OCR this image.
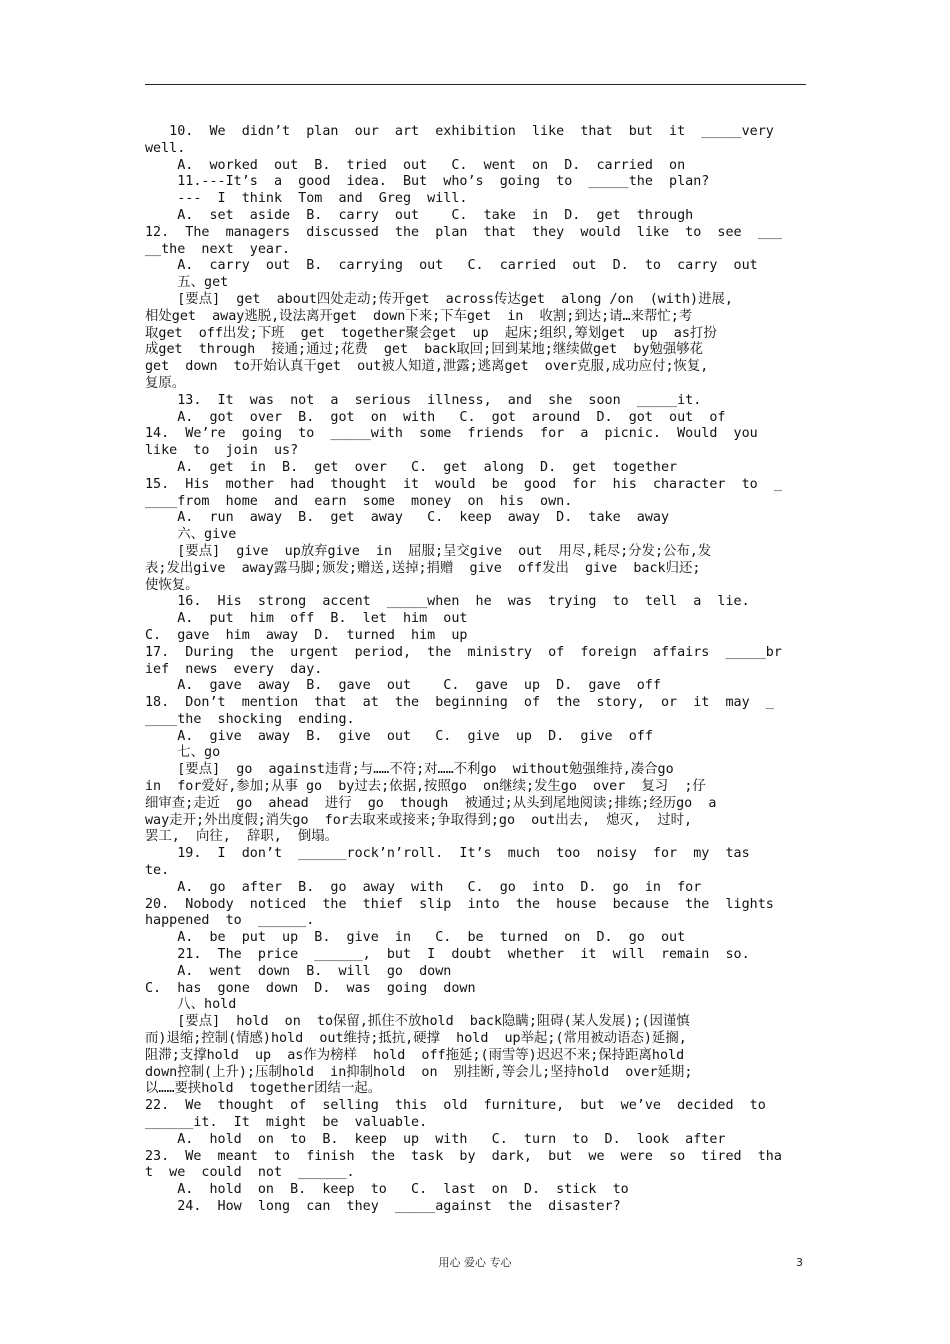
10.  We  didn’t  plan  our  art  exhibition  like  that  but  it  _____very
well.
A.  worked  out  B.  tried  out   C.  went  on  D.  carried  on
11.---It’s  a  good  idea.  But  who’s  going  to  _____the  plan?
---  I  think  Tom  and  Greg  will.
A.  set  aside  B.  carry  out    C.  take  in  D.  get  through
12.  The  managers  discussed  the  plan  that  they  would  like  to  see  ___
__the  next  year.
A.  carry  out  B.  carrying  out   C.  carried  out  D.  to  carry  out
五、get
[要点]  get  about四处走动;传开get  across传达get  along /on  (with)进展,
相处get  away逃脱,设法离开get  down下来;下车get  in  收割;到达;请…来帮忙;考
取get  off出发;下班  get  together聚会get  up  起床;组织,筹划get  up  as打扮
成get  through  接通;通过;花费  get  back取回;回到某地;继续做get  by勉强够花
get  down  to开始认真干get  out被人知道,泄露;逃离get  over克服,成功应付;恢复,
复原。
13.  It  was  not  a  serious  illness,  and  she  soon  _____it.
A.  got  over  B.  got  on  with   C.  got  around  D.  got  out  of
14.  We’re  going  to  _____with  some  friends  for  a  picnic.  Would  you
like  to  join  us?
A.  get  in  B.  get  over   C.  get  along  D.  get  together
15.  His  mother  had  thought  it  would  be  good  for  his  character  to  _
____from  home  and  earn  some  money  on  his  own.
A.  run  away  B.  get  away   C.  keep  away  D.  take  away
六、give
[要点]  give  up放弃give  in  屈服;呈交give  out  用尽,耗尽;分发;公布,发
表;发出give  away露马脚;颁发;赠送,送掉;捐赠  give  off发出  give  back归还;
使恢复。
16.  His  strong  accent  _____when  he  was  trying  to  tell  a  lie.
A.  put  him  off  B.  let  him  out
C.  gave  him  away  D.  turned  him  up
17.  During  the  urgent  period,  the  ministry  of  foreign  affairs  _____br
ief  news  every  day.
A.  gave  away  B.  gave  out    C.  gave  up  D.  gave  off
18.  Don’t  mention  that  at  the  beginning  of  the  story,  or  it  may  _
____the  shocking  ending.
A.  give  away  B.  give  out   C.  give  up  D.  give  off
七、go
[要点]  go  against违背;与……不符;对……不利go  without勉强维持,凑合go
in  for爱好,参加;从事 go  by过去;依据,按照go  on继续;发生go  over  复习  ;仔
细审查;走近  go  ahead  进行  go  though  被通过;从头到尾地阅读;排练;经历go  a
way走开;外出度假;消失go  for去取来或接来;争取得到;go  out出去,  熄灭,  过时,
罢工,  向往,  辞职,  倒塌。
19.  I  don’t  ______rock’n’roll.  It’s  much  too  noisy  for  my  tas
te.
A.  go  after  B.  go  away  with   C.  go  into  D.  go  in  for
20.  Nobody  noticed  the  thief  slip  into  the  house  because  the  lights
happened  to  ______.
A.  be  put  up  B.  give  in   C.  be  turned  on  D.  go  out
21.  The  price  ______,  but  I  doubt  whether  it  will  remain  so.
A.  went  down  B.  will  go  down
C.  has  gone  down  D.  was  going  down
八、hold
[要点]  hold  on  to保留,抓住不放hold  back隐瞒;阻碍(某人发展);(因谨慎
而)退缩;控制(情感)hold  out维持;抵抗,硬撑  hold  up举起;(常用被动语态)延搁,
阻滞;支撑hold  up  as作为榜样  hold  off拖延;(雨雪等)迟迟不来;保持距离hold
down控制(上升);压制hold  in抑制hold  on  别挂断,等会儿;坚持hold  over延期;
以……要挟hold  together团结一起。
22.  We  thought  of  selling  this  old  furniture,  but  we’ve  decided  to
______it.  It  might  be  valuable.
A.  hold  on  to  B.  keep  up  with   C.  turn  to  D.  look  after
23.  We  meant  to  finish  the  task  by  dark,  but  we  were  so  tired  tha
t  we  could  not  ______.
A.  hold  on  B.  keep  to   C.  last  on  D.  stick  to
24.  How  long  can  they  _____against  the  disaster?
用心 爱心 专心	3
